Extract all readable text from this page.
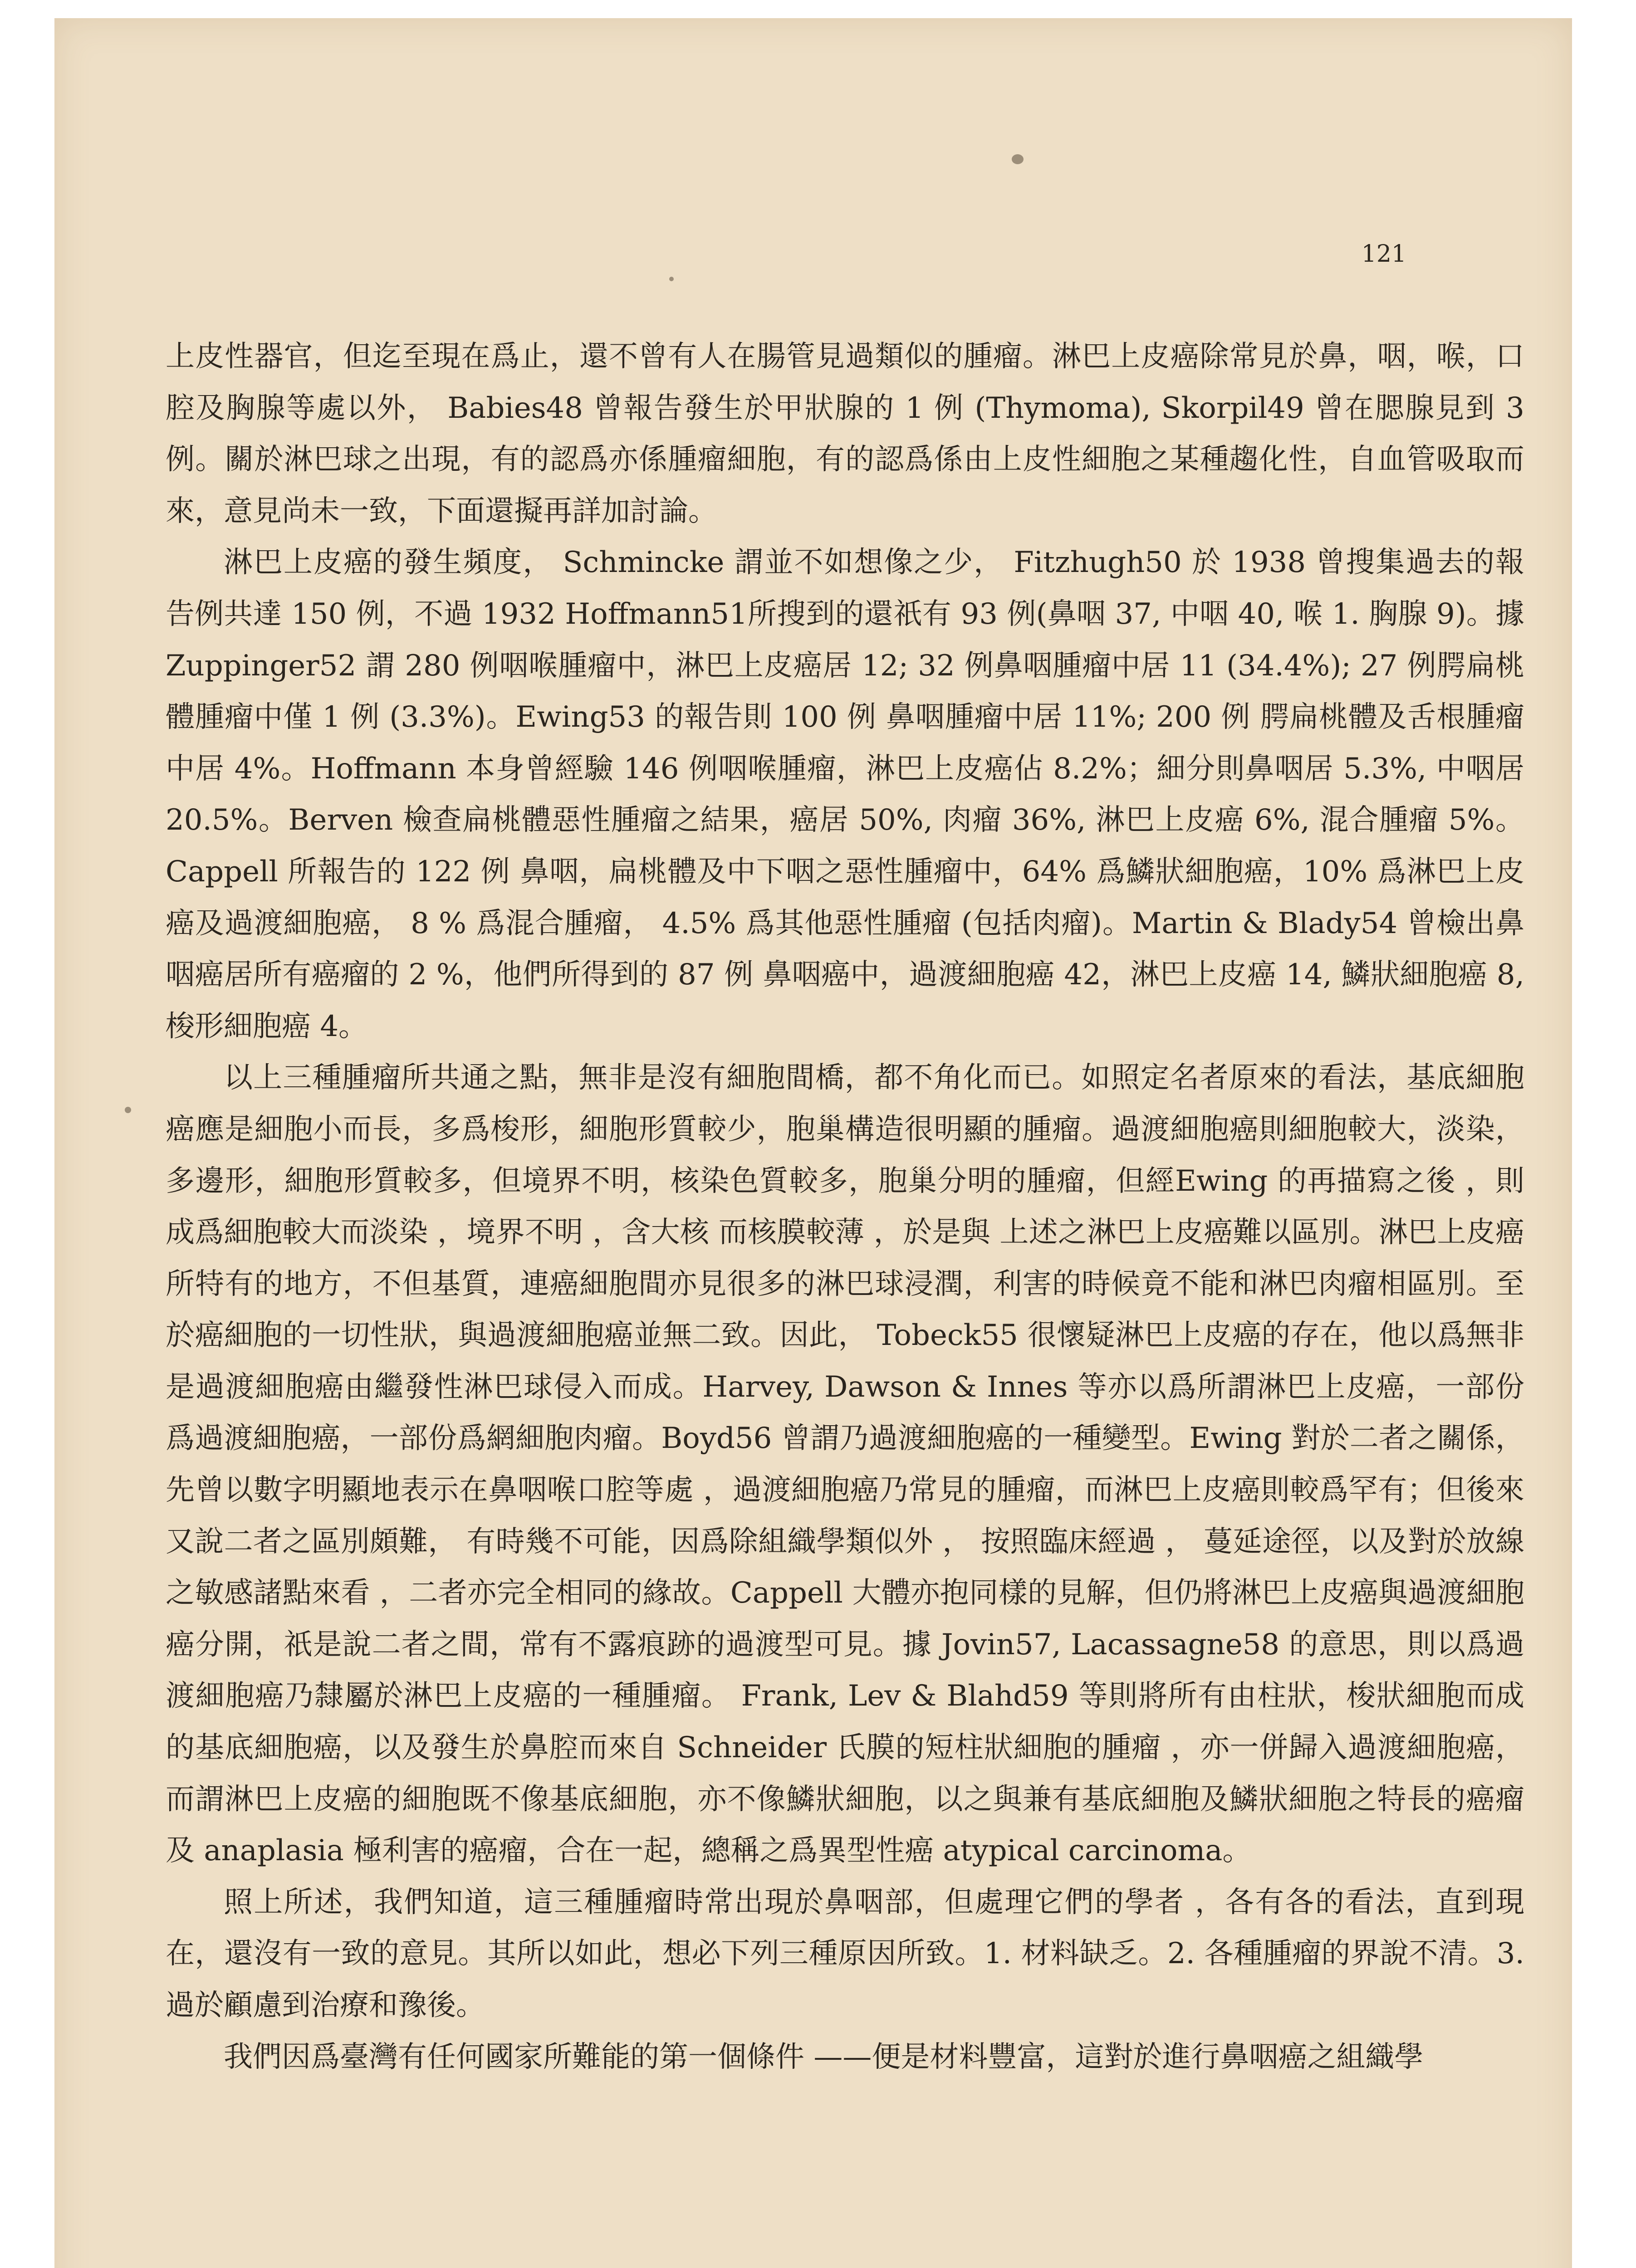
121

上皮性器官，但迄至現在爲止，還不曾有人在腸管見過類似的腫瘤。淋巴上皮癌除常見於鼻，咽，喉，口腔及胸腺等處以外， Babies48 曾報告發生於甲狀腺的 1 例 (Thymoma), Skorpil49 曾在腮腺見到 3 例。關於淋巴球之出現，有的認爲亦係腫瘤細胞，有的認爲係由上皮性細胞之某種趨化性，自血管吸取而來，意見尚未一致，下面還擬再詳加討論。

淋巴上皮癌的發生頻度， Schmincke 謂並不如想像之少， Fitzhugh50 於 1938 曾搜集過去的報告例共達 150 例，不過 1932 Hoffmann51所搜到的還祇有 93 例(鼻咽 37, 中咽 40, 喉 1. 胸腺 9)。據 Zuppinger52 謂 280 例咽喉腫瘤中，淋巴上皮癌居 12; 32 例鼻咽腫瘤中居 11 (34.4%); 27 例腭扁桃體腫瘤中僅 1 例 (3.3%)。Ewing53 的報告則 100 例 鼻咽腫瘤中居 11%; 200 例 腭扁桃體及舌根腫瘤中居 4%。Hoffmann 本身曾經驗 146 例咽喉腫瘤，淋巴上皮癌佔 8.2%；細分則鼻咽居 5.3%, 中咽居 20.5%。Berven 檢查扁桃體惡性腫瘤之結果，癌居 50%, 肉瘤 36%, 淋巴上皮癌 6%, 混合腫瘤 5%。Cappell 所報告的 122 例 鼻咽，扁桃體及中下咽之惡性腫瘤中，64% 爲鱗狀細胞癌，10% 爲淋巴上皮癌及過渡細胞癌， 8 % 爲混合腫瘤， 4.5% 爲其他惡性腫瘤 (包括肉瘤)。Martin & Blady54 曾檢出鼻咽癌居所有癌瘤的 2 %，他們所得到的 87 例 鼻咽癌中，過渡細胞癌 42，淋巴上皮癌 14, 鱗狀細胞癌 8, 梭形細胞癌 4。

以上三種腫瘤所共通之點，無非是沒有細胞間橋，都不角化而已。如照定名者原來的看法，基底細胞癌應是細胞小而長，多爲梭形，細胞形質較少，胞巢構造很明顯的腫瘤。過渡細胞癌則細胞較大，淡染，多邊形，細胞形質較多，但境界不明，核染色質較多，胞巢分明的腫瘤，但經Ewing 的再描寫之後 ，則成爲細胞較大而淡染 ，境界不明 ，含大核 而核膜較薄 ，於是與 上述之淋巴上皮癌難以區別。淋巴上皮癌所特有的地方，不但基質，連癌細胞間亦見很多的淋巴球浸潤，利害的時候竟不能和淋巴肉瘤相區別。至於癌細胞的一切性狀，與過渡細胞癌並無二致。因此， Tobeck55 很懷疑淋巴上皮癌的存在，他以爲無非是過渡細胞癌由繼發性淋巴球侵入而成。Harvey, Dawson & Innes 等亦以爲所謂淋巴上皮癌，一部份爲過渡細胞癌，一部份爲網細胞肉瘤。Boyd56 曾謂乃過渡細胞癌的一種變型。Ewing 對於二者之關係，先曾以數字明顯地表示在鼻咽喉口腔等處 ，過渡細胞癌乃常見的腫瘤，而淋巴上皮癌則較爲罕有；但後來又說二者之區別頗難， 有時幾不可能，因爲除組織學類似外 ， 按照臨床經過 ， 蔓延途徑，以及對於放線之敏感諸點來看 ，二者亦完全相同的緣故。Cappell 大體亦抱同樣的見解，但仍將淋巴上皮癌與過渡細胞癌分開，祇是說二者之間，常有不露痕跡的過渡型可見。據 Jovin57, Lacassagne58 的意思，則以爲過渡細胞癌乃隸屬於淋巴上皮癌的一種腫瘤。 Frank, Lev & Blahd59 等則將所有由柱狀，梭狀細胞而成的基底細胞癌，以及發生於鼻腔而來自 Schneider 氏膜的短柱狀細胞的腫瘤 ，亦一併歸入過渡細胞癌，而謂淋巴上皮癌的細胞既不像基底細胞，亦不像鱗狀細胞，以之與兼有基底細胞及鱗狀細胞之特長的癌瘤及 anaplasia 極利害的癌瘤，合在一起，總稱之爲異型性癌 atypical carcinoma。

照上所述，我們知道，這三種腫瘤時常出現於鼻咽部，但處理它們的學者 ，各有各的看法，直到現在，還沒有一致的意見。其所以如此，想必下列三種原因所致。1. 材料缺乏。2. 各種腫瘤的界說不清。3. 過於顧慮到治療和豫後。

我們因爲臺灣有任何國家所難能的第一個條件 ——便是材料豐富，這對於進行鼻咽癌之組織學
